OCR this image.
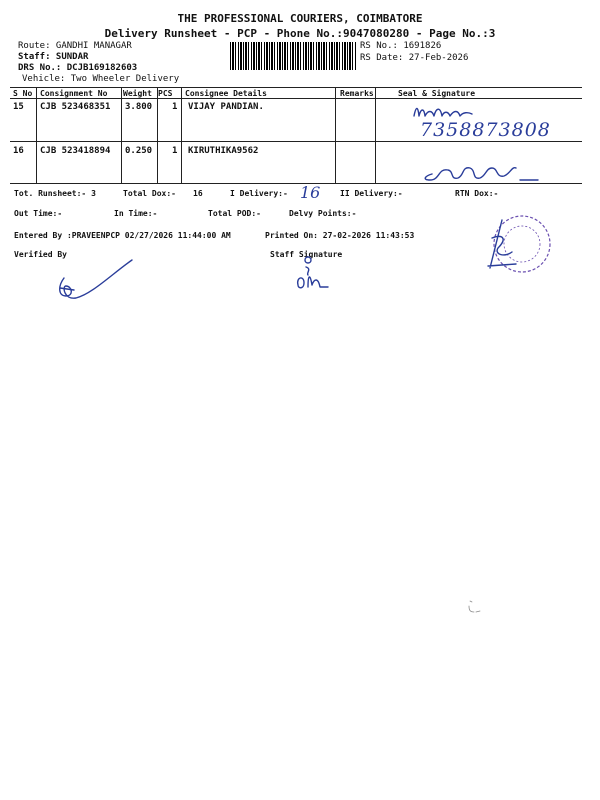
THE PROFESSIONAL COURIERS, COIMBATORE
Delivery Runsheet - PCP - Phone No.:9047080280 - Page No.:3
Route: GANDHI MANAGAR
Staff: SUNDAR
DRS No.: DCJB169182603
Vehicle: Two Wheeler Delivery
RS No.: 1691826
RS Date: 27-Feb-2026
S No Consignment No Weight PCS Consignee Details	Remarks	Seal & Signature
15 CJB 523468351 3.800 1 VIJAY PANDIAN.
16 CJB 523418894 0.250 1 KIRUTHIKA9562
7358873808
Tot. Runsheet:- 3	Total Dox:- 16	I Delivery:- 16 II Delivery:-	RTN Dox:-
Out Time:-	In Time:-	Total POD:-	Delvy Points:-
Entered By :PRAVEENPCP 02/27/2026 11:44:00 AM	Printed On: 27-02-2026 11:43:53
Verified By	Staff Signature
